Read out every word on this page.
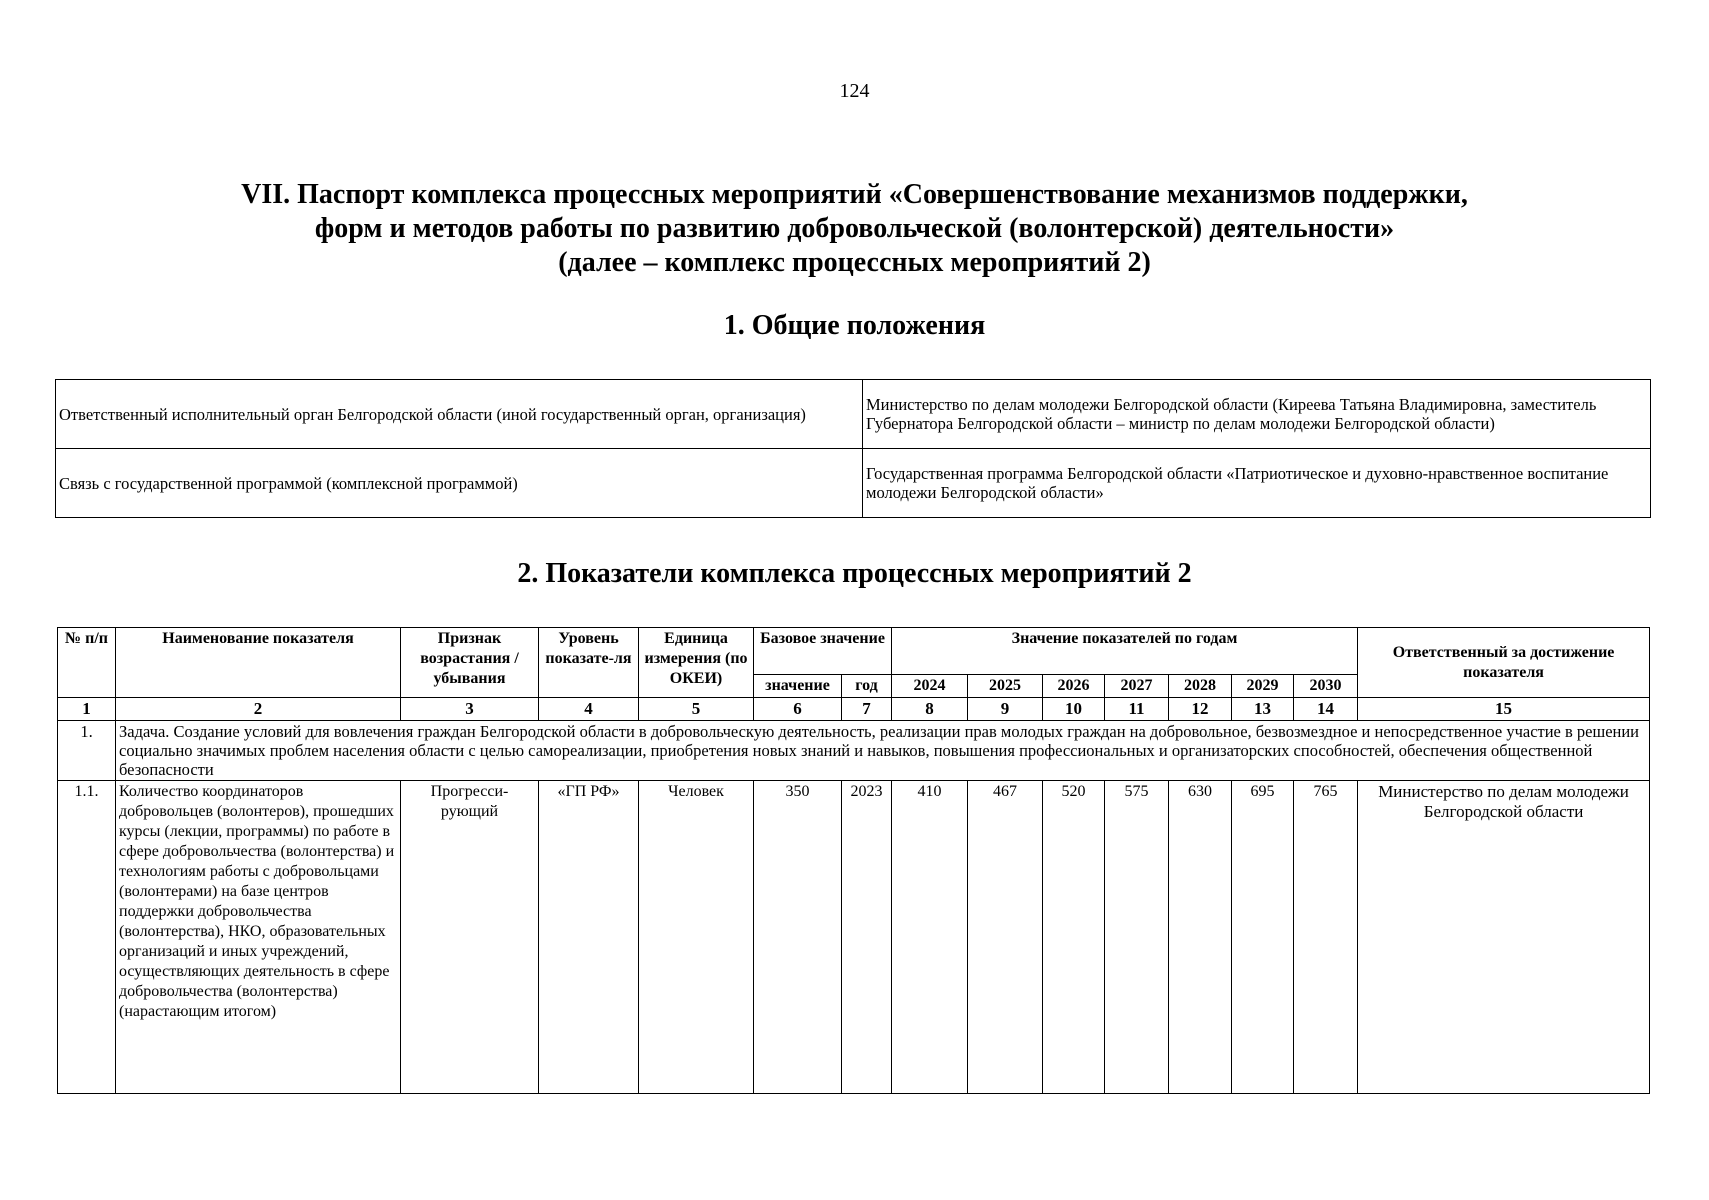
124
VII. Паспорт комплекса процессных мероприятий «Совершенствование механизмов поддержки,
форм и методов работы по развитию добровольческой (волонтерской) деятельности»
(далее – комплекс процессных мероприятий 2)
1. Общие положения
Ответственный исполнительный орган Белгородской области (иной государственный орган, организация)	Министерство по делам молодежи Белгородской области (Киреева Татьяна Владимировна, заместитель Губернатора Белгородской области – министр по делам молодежи Белгородской области)
Связь с государственной программой (комплексной программой)	Государственная программа Белгородской области «Патриотическое и духовно-нравственное воспитание молодежи Белгородской области»
2. Показатели комплекса процессных мероприятий 2
№ п/п	Наименование показателя	Признак возрастания / убывания	Уровень показате-ля	Единица измерения (по ОКЕИ)	Базовое значение		Значение показателей по годам							Ответственный за достижение показателя
					значение	год	2024	2025	2026	2027	2028	2029	2030	
1	2	3	4	5	6	7	8	9	10	11	12	13	14	15
1.	Задача. Создание условий для вовлечения граждан Белгородской области в добровольческую деятельность, реализации прав молодых граждан на добровольное, безвозмездное и непосредственное участие в решении социально значимых проблем населения области с целью самореализации, приобретения новых знаний и навыков, повышения профессиональных и организаторских способностей, обеспечения общественной безопасности													
1.1.	Количество координаторов добровольцев (волонтеров), прошедших курсы (лекции, программы) по работе в сфере добровольчества (волонтерства) и технологиям работы с добровольцами (волонтерами) на базе центров поддержки добровольчества (волонтерства), НКО, образовательных организаций и иных учреждений, осуществляющих деятельность в сфере добровольчества (волонтерства) (нарастающим итогом)	Прогресси-рующий	«ГП РФ»	Человек	350	2023	410	467	520	575	630	695	765	Министерство по делам молодежи Белгородской области
